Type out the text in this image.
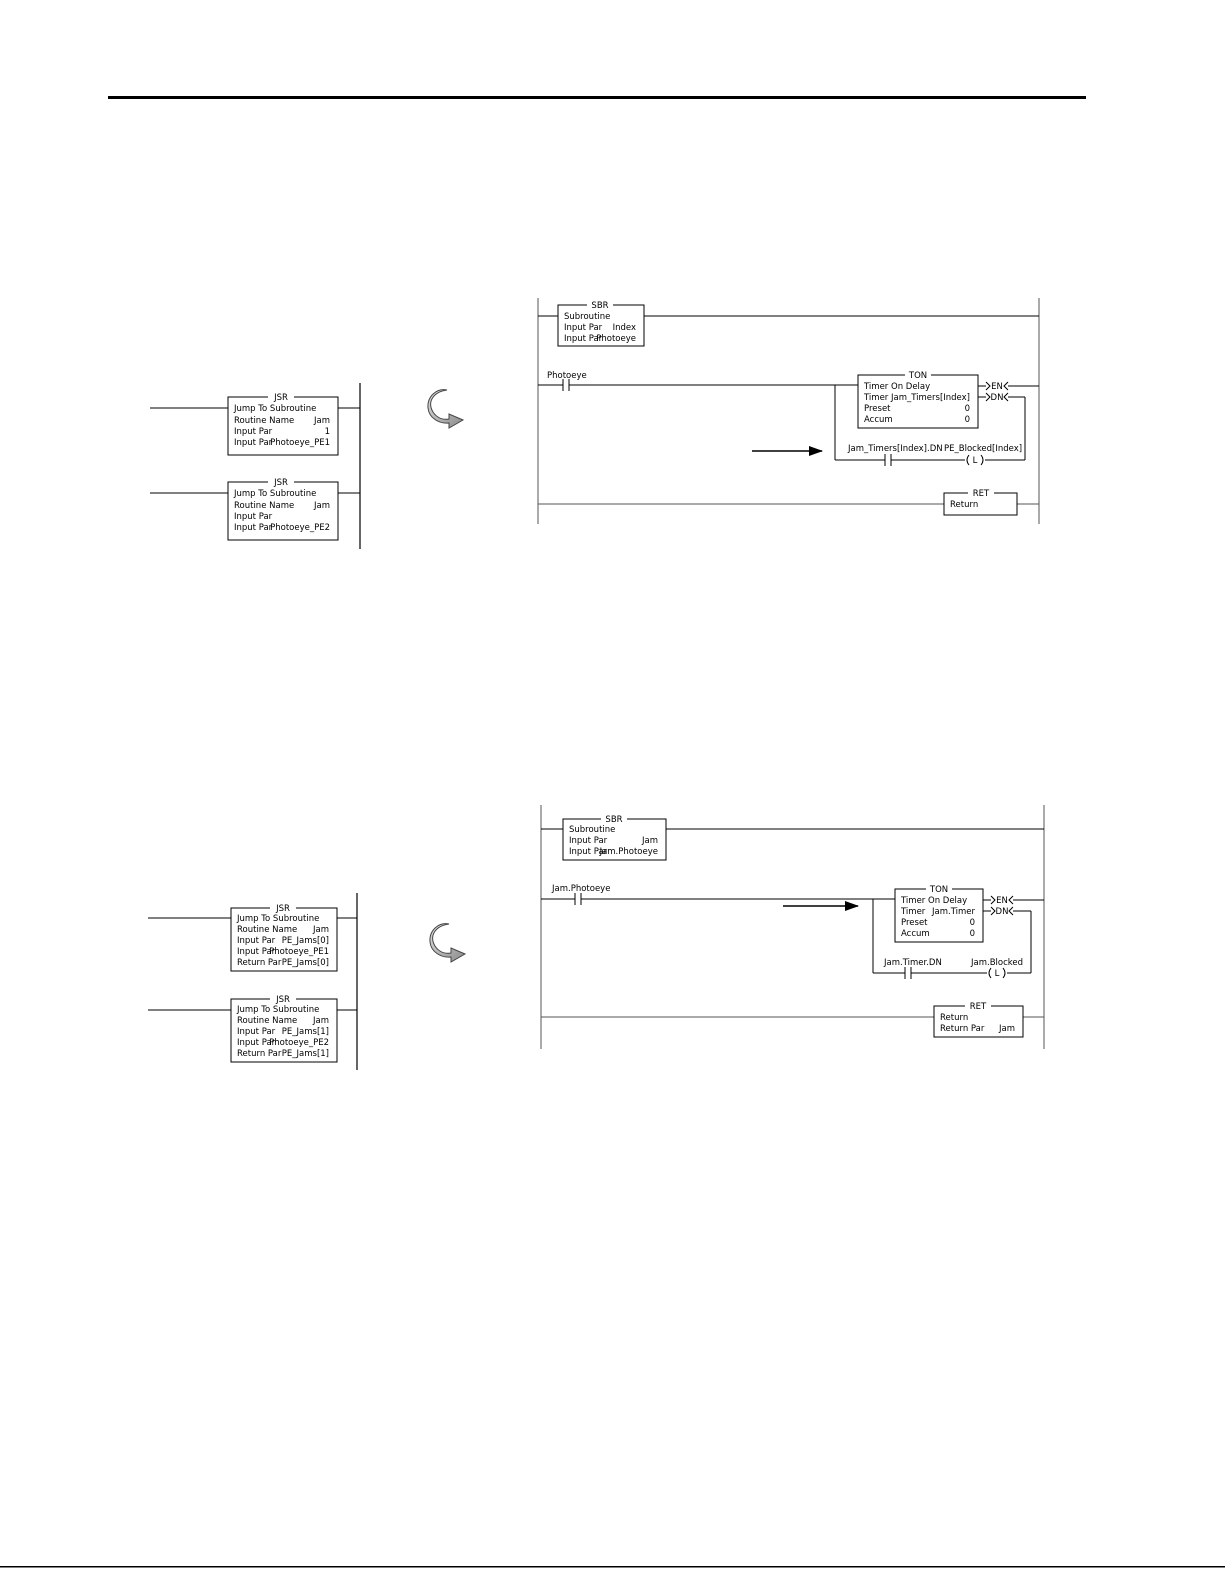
JSR
Jump To Subroutine
Routine Name Jam
Input Par	1
Input Par
Photoeye_PE1
JSR
Jump To Subroutine
Routine Name Jam
Input Par
Input Par
Photoeye_PE2
SBR
Subroutine
Input Par Index
Input Par
Photoeye
Photoeye
L
Jam_Timers[Index].DN PE_Blocked[Index]
TON
Timer On Delay
Timer Jam_Timers[Index]
Preset	0
Accum	0
EN
DN
RET
Return
JSR
Jump To Subroutine
Routine Name Jam
Input Par PE_Jams[0]
Input Par
Photoeye_PE1
Return Par PE_Jams[0]
JSR
Jump To Subroutine
Routine Name Jam
Input Par PE_Jams[1]
Input Par
Photoeye_PE2
Return Par PE_Jams[1]
SBR
Subroutine
Input Par	Jam
Input Par
Jam.Photoeye
Jam.Photoeye
L
Jam.Timer.DN	Jam.Blocked
TON
Timer On Delay
Timer Jam.Timer
Preset	0
Accum	0
EN
DN
RET
Return
Return Par Jam
